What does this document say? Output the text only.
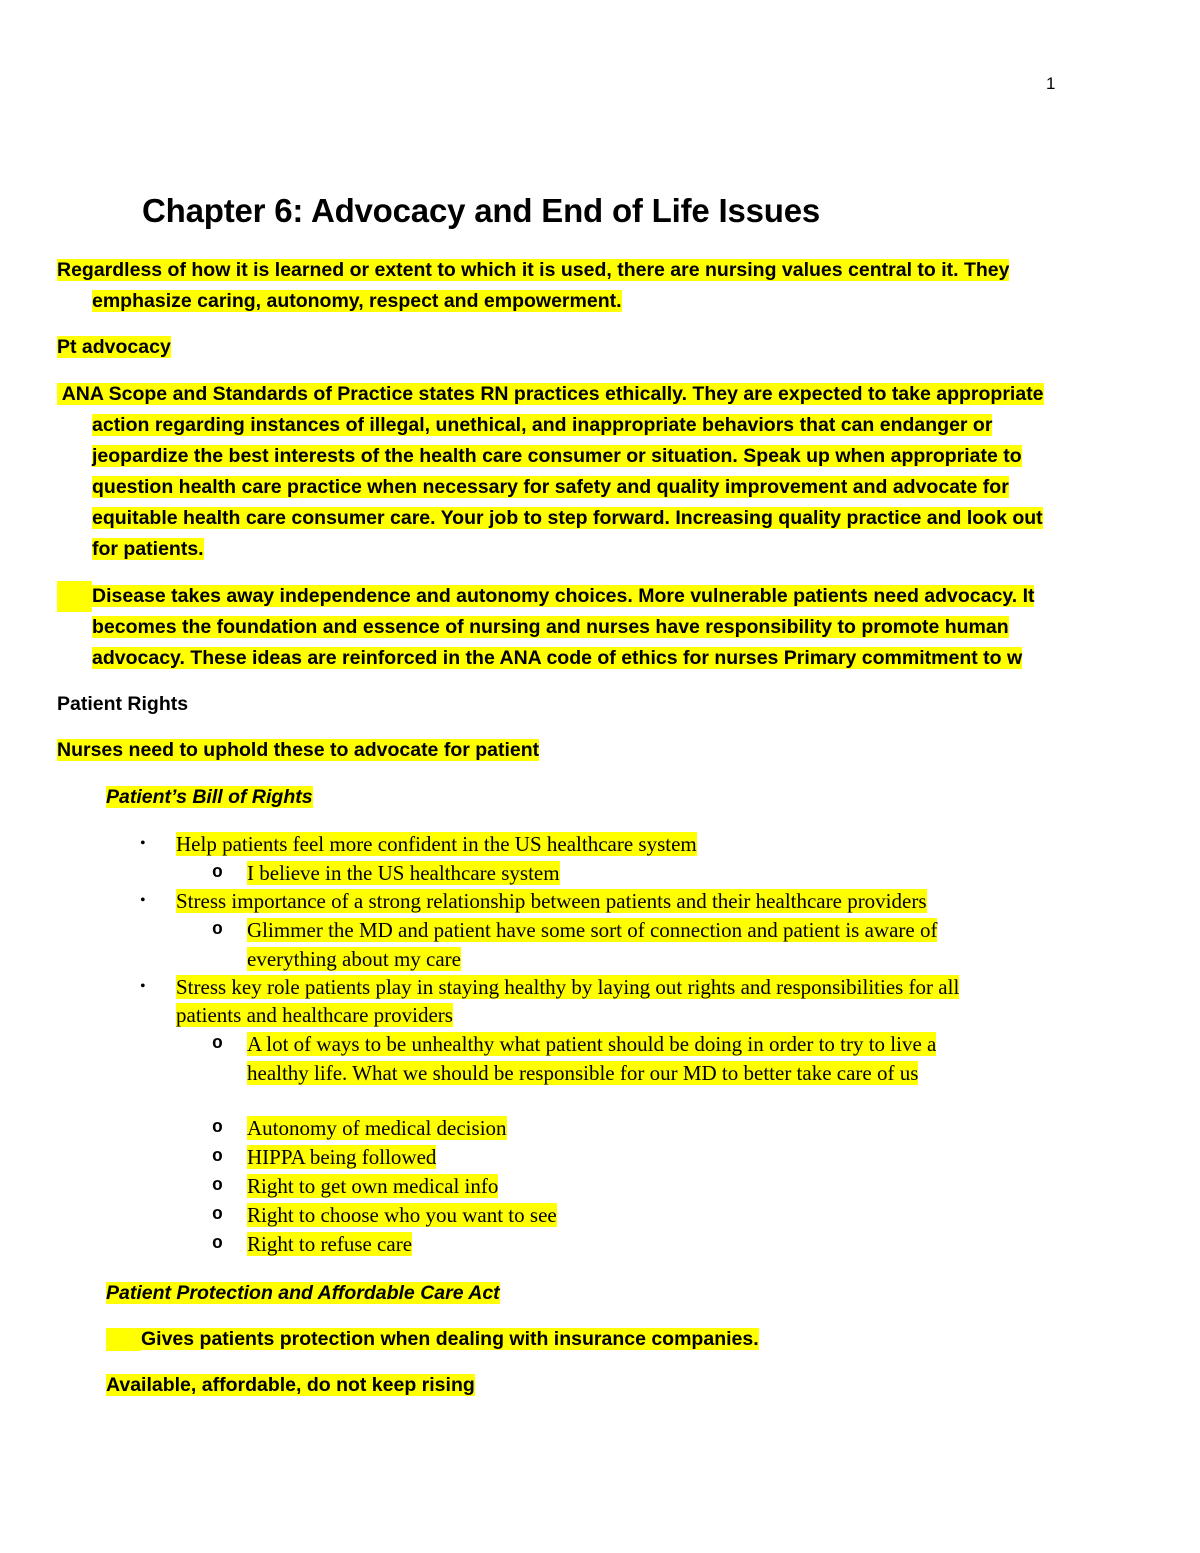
1
Chapter 6: Advocacy and End of Life Issues
Regardless of how it is learned or extent to which it is used, there are nursing values central to it. They
emphasize caring, autonomy, respect and empowerment.
Pt advocacy
ANA Scope and Standards of Practice states RN practices ethically. They are expected to take appropriate
action regarding instances of illegal, unethical, and inappropriate behaviors that can endanger or
jeopardize the best interests of the health care consumer or situation. Speak up when appropriate to
question health care practice when necessary for safety and quality improvement and advocate for
equitable health care consumer care. Your job to step forward. Increasing quality practice and look out
for patients.
Disease takes away independence and autonomy choices. More vulnerable patients need advocacy. It
becomes the foundation and essence of nursing and nurses have responsibility to promote human
advocacy. These ideas are reinforced in the ANA code of ethics for nurses Primary commitment to w
Patient Rights
Nurses need to uphold these to advocate for patient
Patient’s Bill of Rights
• Help patients feel more confident in the US healthcare system
o I believe in the US healthcare system
• Stress importance of a strong relationship between patients and their healthcare providers
o Glimmer the MD and patient have some sort of connection and patient is aware of
everything about my care
• Stress key role patients play in staying healthy by laying out rights and responsibilities for all
patients and healthcare providers
o A lot of ways to be unhealthy what patient should be doing in order to try to live a
healthy life. What we should be responsible for our MD to better take care of us
o Autonomy of medical decision
o HIPPA being followed
o Right to get own medical info
o Right to choose who you want to see
o Right to refuse care
Patient Protection and Affordable Care Act
Gives patients protection when dealing with insurance companies.
Available, affordable, do not keep rising
